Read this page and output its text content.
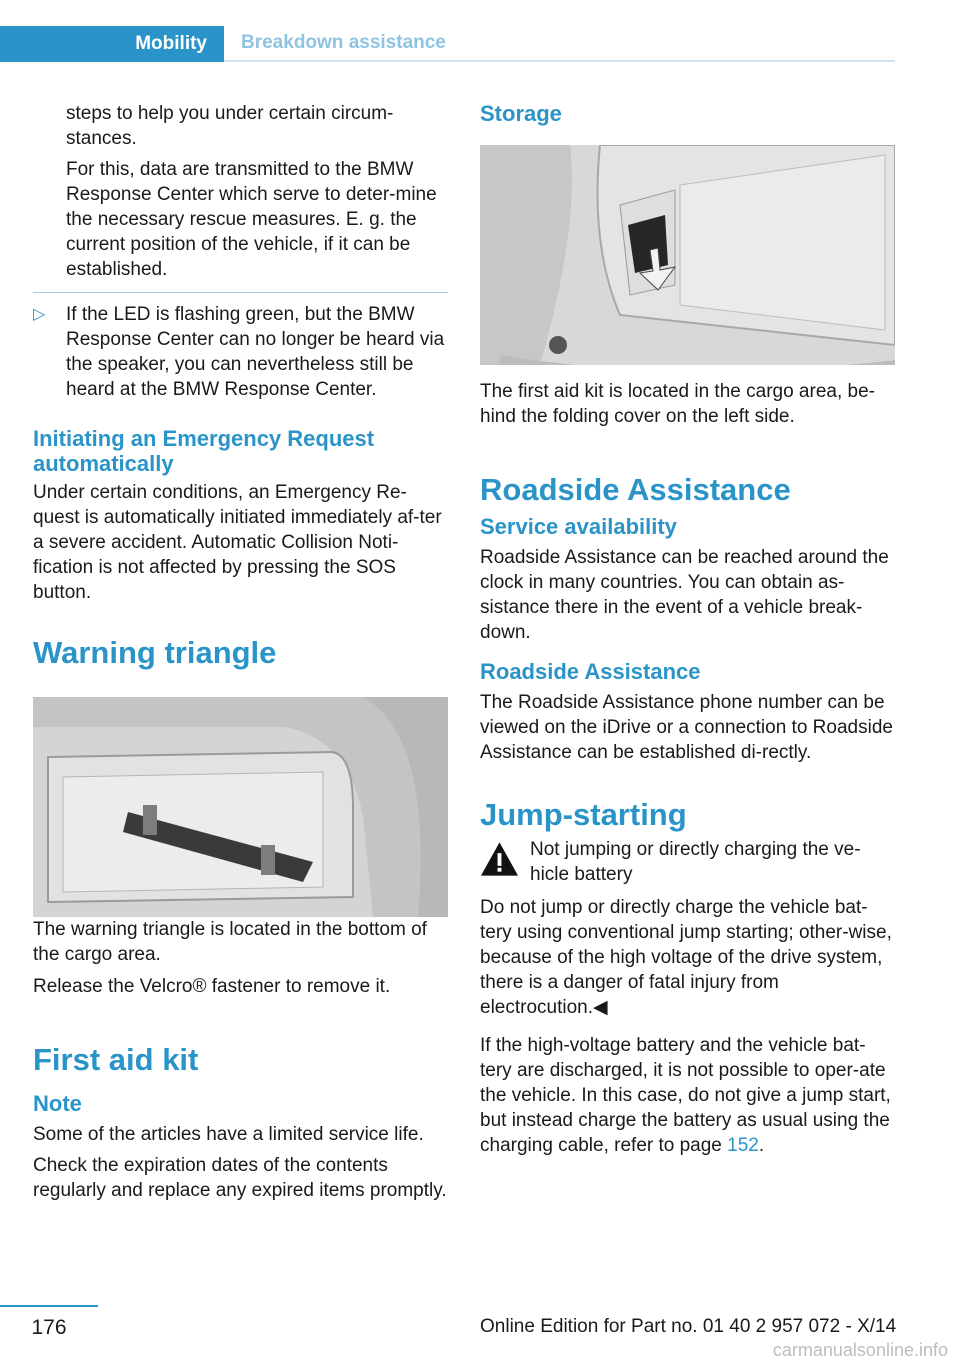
Mobility	Breakdown assistance

steps to help you under certain circum‐stances.

For this, data are transmitted to the BMW Response Center which serve to deter‐mine the necessary rescue measures. E. g. the current position of the vehicle, if it can be established.

▷ If the LED is flashing green, but the BMW Response Center can no longer be heard via the speaker, you can nevertheless still be heard at the BMW Response Center.

Initiating an Emergency Request automatically

Under certain conditions, an Emergency Re‐quest is automatically initiated immediately af‐ter a severe accident. Automatic Collision Noti‐fication is not affected by pressing the SOS button.

Warning triangle

The warning triangle is located in the bottom of the cargo area.

Release the Velcro® fastener to remove it.

First aid kit

Note

Some of the articles have a limited service life.

Check the expiration dates of the contents regularly and replace any expired items promptly.

Storage

The first aid kit is located in the cargo area, be‐hind the folding cover on the left side.

Roadside Assistance

Service availability

Roadside Assistance can be reached around the clock in many countries. You can obtain as‐sistance there in the event of a vehicle break‐down.

Roadside Assistance

The Roadside Assistance phone number can be viewed on the iDrive or a connection to Roadside Assistance can be established di‐rectly.

Jump-starting

Not jumping or directly charging the ve‐hicle battery

Do not jump or directly charge the vehicle bat‐tery using conventional jump starting; other‐wise, because of the high voltage of the drive system, there is a danger of fatal injury from electrocution.◀

If the high-voltage battery and the vehicle bat‐tery are discharged, it is not possible to oper‐ate the vehicle. In this case, do not give a jump start, but instead charge the battery as usual using the charging cable, refer to page 152.

176	Online Edition for Part no. 01 40 2 957 072 - X/14
carmanualsonline.info
